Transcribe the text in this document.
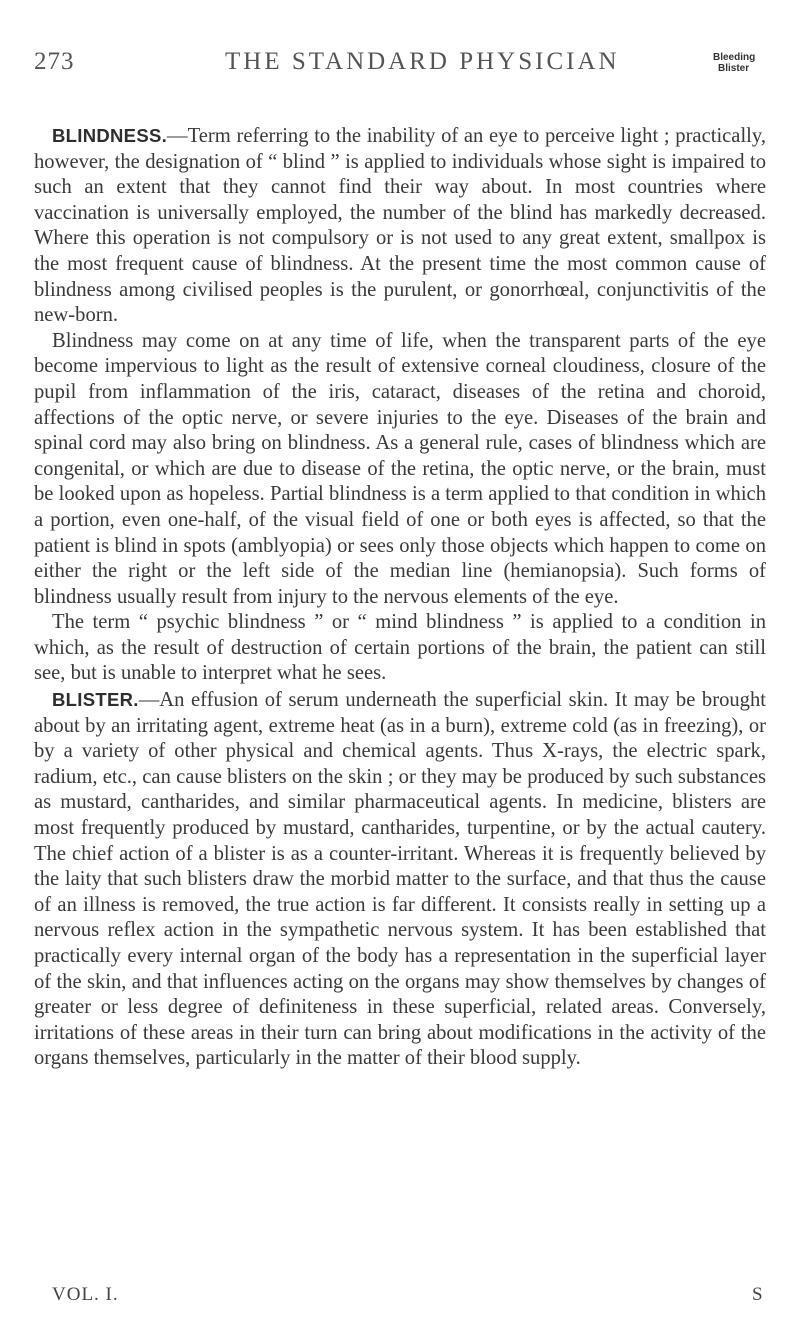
273	THE STANDARD PHYSICIAN	Bleeding
Blister

BLINDNESS.—Term referring to the inability of an eye to perceive light ; practically, however, the designation of “ blind ” is applied to individuals whose sight is impaired to such an extent that they cannot find their way about. In most countries where vaccination is universally employed, the number of the blind has markedly decreased. Where this operation is not compulsory or is not used to any great extent, smallpox is the most frequent cause of blindness. At the present time the most common cause of blindness among civilised peoples is the purulent, or gonorrhœal, conjunctivitis of the new-born.

Blindness may come on at any time of life, when the transparent parts of the eye become impervious to light as the result of extensive corneal cloudiness, closure of the pupil from inflammation of the iris, cataract, diseases of the retina and choroid, affections of the optic nerve, or severe injuries to the eye. Diseases of the brain and spinal cord may also bring on blindness. As a general rule, cases of blindness which are congenital, or which are due to disease of the retina, the optic nerve, or the brain, must be looked upon as hopeless. Partial blindness is a term applied to that condition in which a portion, even one-half, of the visual field of one or both eyes is affected, so that the patient is blind in spots (amblyopia) or sees only those objects which happen to come on either the right or the left side of the median line (hemianopsia). Such forms of blindness usually result from injury to the nervous elements of the eye.

The term “ psychic blindness ” or “ mind blindness ” is applied to a condition in which, as the result of destruction of certain portions of the brain, the patient can still see, but is unable to interpret what he sees.

BLISTER.—An effusion of serum underneath the superficial skin. It may be brought about by an irritating agent, extreme heat (as in a burn), extreme cold (as in freezing), or by a variety of other physical and chemical agents. Thus X-rays, the electric spark, radium, etc., can cause blisters on the skin ; or they may be produced by such substances as mustard, cantharides, and similar pharmaceutical agents. In medicine, blisters are most frequently produced by mustard, cantharides, turpentine, or by the actual cautery. The chief action of a blister is as a counter-irritant. Whereas it is frequently believed by the laity that such blisters draw the morbid matter to the surface, and that thus the cause of an illness is removed, the true action is far different. It consists really in setting up a nervous reflex action in the sympathetic nervous system. It has been established that practically every internal organ of the body has a representation in the superficial layer of the skin, and that influences acting on the organs may show themselves by changes of greater or less degree of definiteness in these superficial, related areas. Conversely, irritations of these areas in their turn can bring about modifications in the activity of the organs themselves, particularly in the matter of their blood supply.

VOL. I.	S
